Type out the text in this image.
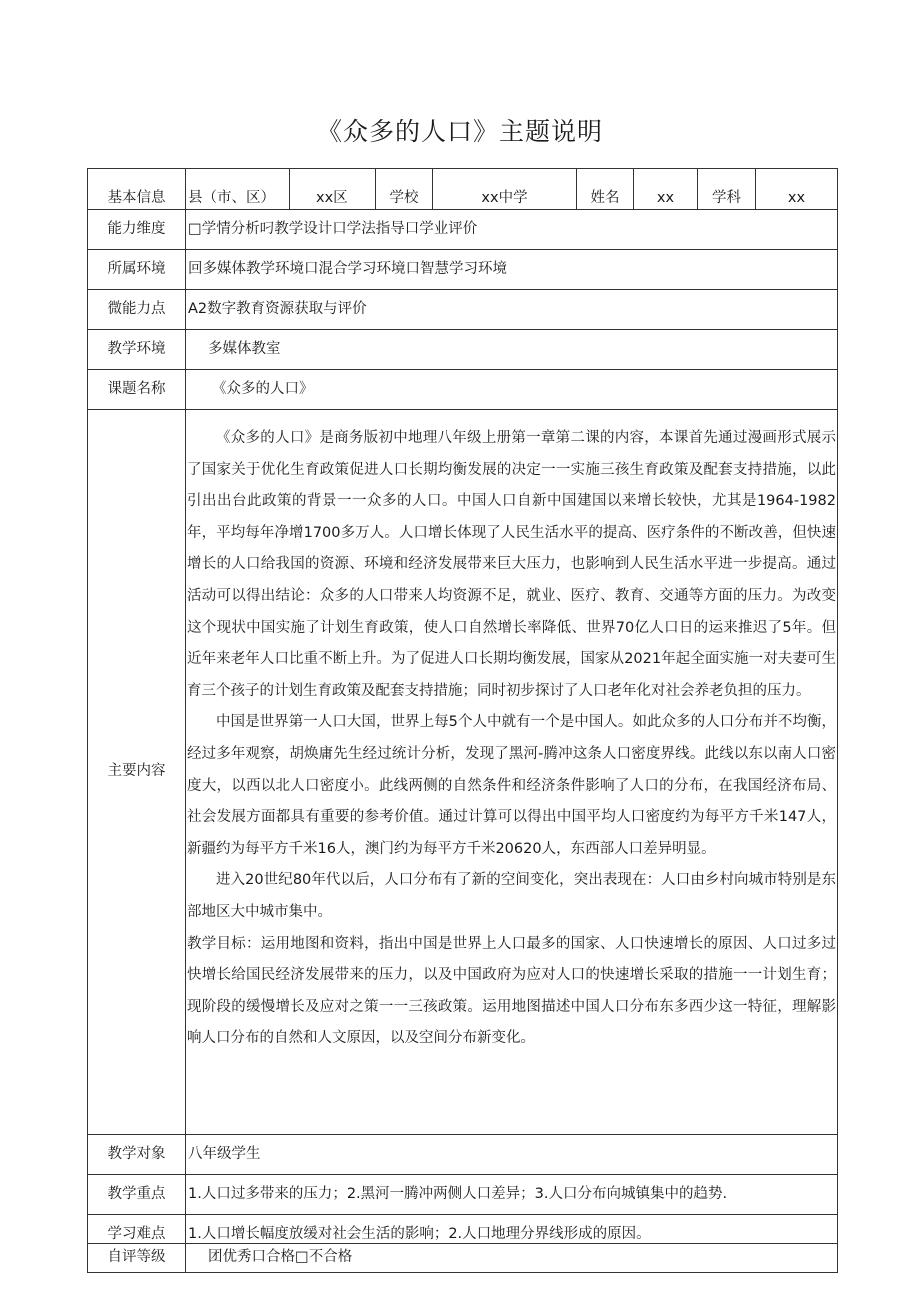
《众多的人口》主题说明
基本信息	县（市、区）	xx区	学校	xx中学	姓名	xx	学科	xx
能力维度	□学情分析叼教学设计口学法指导口学业评价							
所属环境	回多媒体教学环境口混合学习环境口智慧学习环境							
微能力点	A2数字教育资源获取与评价							
教学环境	多媒体教室							
课题名称	《众多的人口》							
主要内容	《众多的人口》是商务版初中地理八年级上册第一章第二课的内容，本课首先通过漫画形式展示了国家关于优化生育政策促进人口长期均衡发展的决定一一实施三孩生育政策及配套支持措施，以此引出出台此政策的背景一一众多的人口。中国人口自新中国建国以来增长较快，尤其是1964-1982年，平均每年净增1700多万人。人口增长体现了人民生活水平的提高、医疗条件的不断改善，但快速增长的人口给我国的资源、环境和经济发展带来巨大压力，也影响到人民生活水平进一步提高。通过活动可以得出结论：众多的人口带来人均资源不足，就业、医疗、教育、交通等方面的压力。为改变这个现状中国实施了计划生育政策，使人口自然增长率降低、世界70亿人口日的运来推迟了5年。但近年来老年人口比重不断上升。为了促进人口长期均衡发展，国家从2021年起全面实施一对夫妻可生育三个孩子的计划生育政策及配套支持措施；同时初步探讨了人口老年化对社会养老负担的压力。

中国是世界第一人口大国，世界上每5个人中就有一个是中国人。如此众多的人口分布并不均衡，经过多年观察，胡焕庸先生经过统计分析，发现了黑河-腾冲这条人口密度界线。此线以东以南人口密度大，以西以北人口密度小。此线两侧的自然条件和经济条件影响了人口的分布，在我国经济布局、社会发展方面都具有重要的参考价值。通过计算可以得出中国平均人口密度约为每平方千米147人，新疆约为每平方千米16人，澳门约为每平方千米20620人，东西部人口差异明显。

进入20世纪80年代以后，人口分布有了新的空间变化，突出表现在：人口由乡村向城市特别是东部地区大中城市集中。

教学目标：运用地图和资料，指出中国是世界上人口最多的国家、人口快速增长的原因、人口过多过快增长给国民经济发展带来的压力，以及中国政府为应对人口的快速增长采取的措施一一计划生育；现阶段的缓慢增长及应对之策一一三孩政策。运用地图描述中国人口分布东多西少这一特征，理解影响人口分布的自然和人文原因，以及空间分布新变化。							

教学对象	八年级学生							
教学重点	1.人口过多带来的压力；2.黑河一腾冲两侧人口差异；3.人口分布向城镇集中的趋势.							
学习难点	1.人口增长幅度放缓对社会生活的影响；2.人口地理分界线形成的原因。							
自评等级	团优秀口合格□不合格							
